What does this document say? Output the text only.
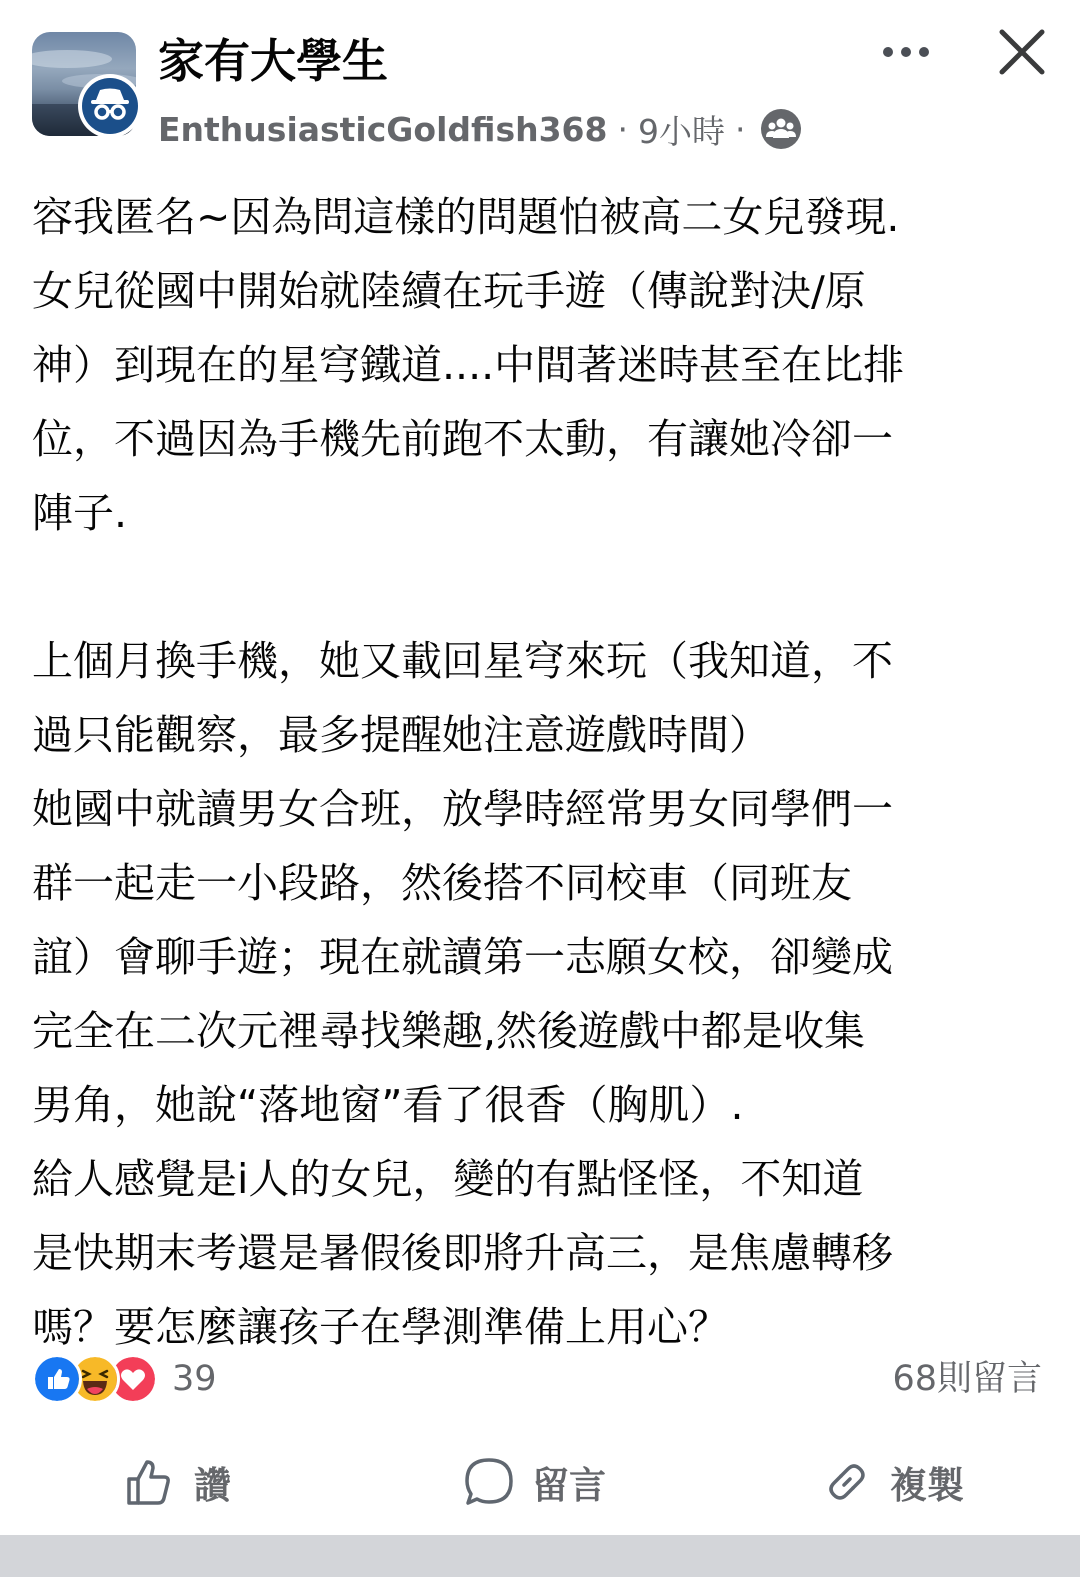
家有大學生
EnthusiasticGoldfish368 · 9小時 ·
容我匿名~因為問這樣的問題怕被高二女兒發現.
女兒從國中開始就陸續在玩手遊（傳說對決/原
神）到現在的星穹鐵道....中間著迷時甚至在比排
位，不過因為手機先前跑不太動，有讓她冷卻一
陣子.

上個月換手機，她又載回星穹來玩（我知道，不
過只能觀察，最多提醒她注意遊戲時間）
她國中就讀男女合班，放學時經常男女同學們一
群一起走一小段路，然後搭不同校車（同班友
誼）會聊手遊；現在就讀第一志願女校，卻變成
完全在二次元裡尋找樂趣,然後遊戲中都是收集
男角，她說“落地窗”看了很香（胸肌）.
給人感覺是i人的女兒，變的有點怪怪，不知道
是快期末考還是暑假後即將升高三，是焦慮轉移
嗎？要怎麼讓孩子在學測準備上用心？
39	68則留言
讚	留言	複製
